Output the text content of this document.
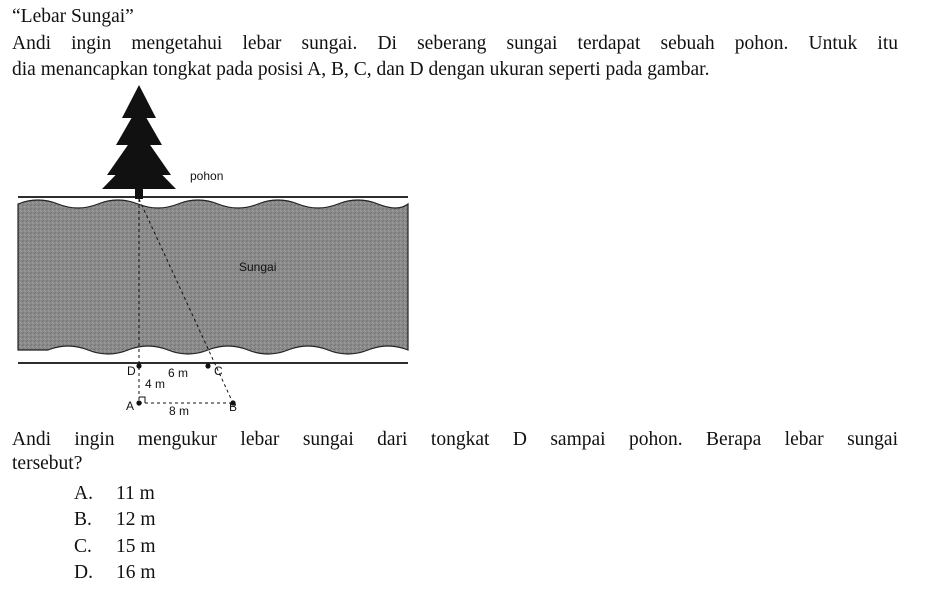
“Lebar Sungai”
Andi ingin mengetahui lebar sungai. Di seberang sungai terdapat sebuah pohon. Untuk itu
dia menancapkan tongkat pada posisi A, B, C, dan D dengan ukuran seperti pada gambar.
pohon
Sungai
D	C
A	B
6 m
4 m
8 m
Andi ingin mengukur lebar sungai dari tongkat D sampai pohon. Berapa lebar sungai
tersebut?
A. 11 m
B. 12 m
C. 15 m
D. 16 m
